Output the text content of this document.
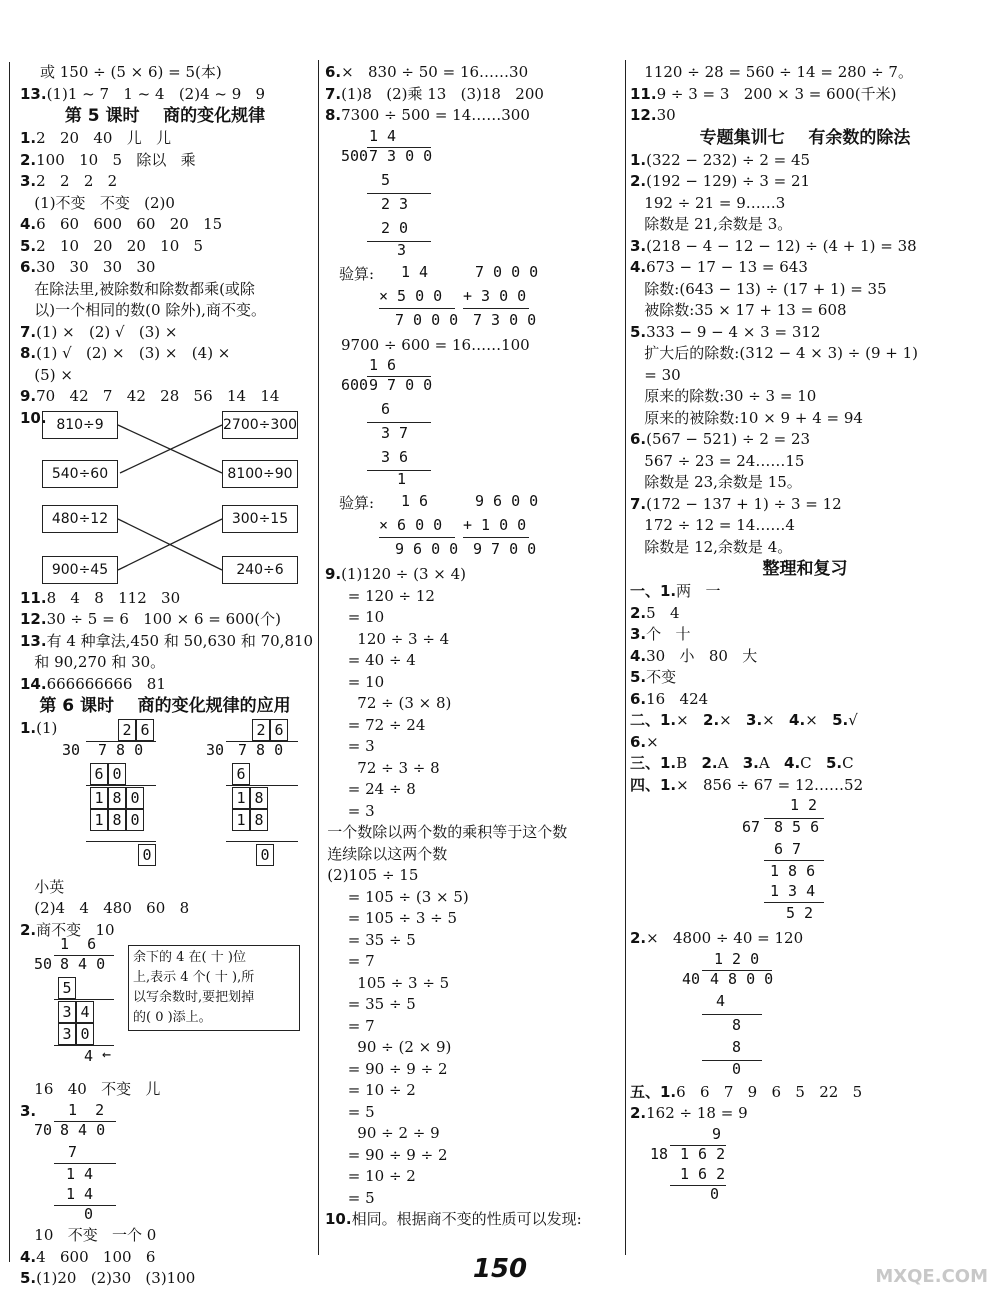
或 150 ÷ (5 × 6) = 5(本)
13.(1)1 ~ 7   1 ~ 4   (2)4 ~ 9   9
第 5 课时    商的变化规律
1.2   20   40   儿   儿
2.100   10   5   除以   乘
3.2   2   2   2
(1)不变   不变   (2)0
4.6   60   600   60   20   15
5.2   10   20   20   10   5
6.30   30   30   30
在除法里,被除数和除数都乘(或除
以)一个相同的数(0 除外),商不变。
7.(1) ×   (2) √   (3) ×
8.(1) √   (2) ×   (3) ×   (4) ×
(5) ×
9.70   42   7   42   28   56   14   14
10. 810÷9	2700÷300
540÷60	8100÷90
480÷12	300÷15
900÷45	240÷6
11.8   4   8   112   30
12.30 ÷ 5 = 6   100 × 6 = 600(个)
13.有 4 种拿法,450 和 50,630 和 70,810
和 90,270 和 30。
14.666666666   81
第 6 课时    商的变化规律的应用
1.(1)	2 6
30 7 8 0
6 0
1 8 0
1 8 0
2 6
30 7 8 0
6
1 8
1 8
0	0
小英
(2)4   4   480   60   8
2.商不变   10
1  6
50 8 4 0
5
3 4
3 0
4 ←
余下的 4 在( 十 )位
上,表示 4 个( 十 ),所
以写余数时,要把划掉
的( 0 )添上。
16   40   不变   儿
3.	1  2
70 8 4 0
7
1 4
1 4
0
10   不变   一个 0
4.4   600   100   6
5.(1)20   (2)30   (3)100
6.×   830 ÷ 50 = 16……30
7.(1)8   (2)乘 13   (3)18   200
8.7300 ÷ 500 = 14……300
1 4
500 7 3 0 0
5
2 3
2 0
3
验算: 1 4
× 5 0 0
7 0 0 0
7 0 0 0
+ 3 0 0
7 3 0 0
9700 ÷ 600 = 16……100
1 6
600 9 7 0 0
6
3 7
3 6
1
验算: 1 6
× 6 0 0
9 6 0 0
9 6 0 0
+ 1 0 0
9 7 0 0
9.(1)120 ÷ (3 × 4)
= 120 ÷ 12
= 10
120 ÷ 3 ÷ 4
= 40 ÷ 4
= 10
72 ÷ (3 × 8)
= 72 ÷ 24
= 3
72 ÷ 3 ÷ 8
= 24 ÷ 8
= 3
一个数除以两个数的乘积等于这个数
连续除以这两个数
(2)105 ÷ 15
= 105 ÷ (3 × 5)
= 105 ÷ 3 ÷ 5
= 35 ÷ 5
= 7
105 ÷ 3 ÷ 5
= 35 ÷ 5
= 7
90 ÷ (2 × 9)
= 90 ÷ 9 ÷ 2
= 10 ÷ 2
= 5
90 ÷ 2 ÷ 9
= 90 ÷ 9 ÷ 2
= 10 ÷ 2
= 5
10.相同。根据商不变的性质可以发现:
1120 ÷ 28 = 560 ÷ 14 = 280 ÷ 7。
11.9 ÷ 3 = 3   200 × 3 = 600(千米)
12.30
专题集训七    有余数的除法
1.(322 − 232) ÷ 2 = 45
2.(192 − 129) ÷ 3 = 21
192 ÷ 21 = 9……3
除数是 21,余数是 3。
3.(218 − 4 − 12 − 12) ÷ (4 + 1) = 38
4.673 − 17 − 13 = 643
除数:(643 − 13) ÷ (17 + 1) = 35
被除数:35 × 17 + 13 = 608
5.333 − 9 − 4 × 3 = 312
扩大后的除数:(312 − 4 × 3) ÷ (9 + 1)
= 30
原来的除数:30 ÷ 3 = 10
原来的被除数:10 × 9 + 4 = 94
6.(567 − 521) ÷ 2 = 23
567 ÷ 23 = 24……15
除数是 23,余数是 15。
7.(172 − 137 + 1) ÷ 3 = 12
172 ÷ 12 = 14……4
除数是 12,余数是 4。
整理和复习
一、1.两   一
2.5   4
3.个   十
4.30   小   80   大
5.不变
6.16   424
二、1.×   2.×   3.×   4.×   5.√
6.×
三、1.B   2.A   3.A   4.C   5.C
四、1.×   856 ÷ 67 = 12……52
1 2
67 8 5 6
6 7
1 8 6
1 3 4
5 2
2.×   4800 ÷ 40 = 120
1 2 0
40 4 8 0 0
4
8
8
0
五、1.6   6   7   9   6   5   22   5
2.162 ÷ 18 = 9
9
18 1 6 2
1 6 2
0
150	MXQE.COM
